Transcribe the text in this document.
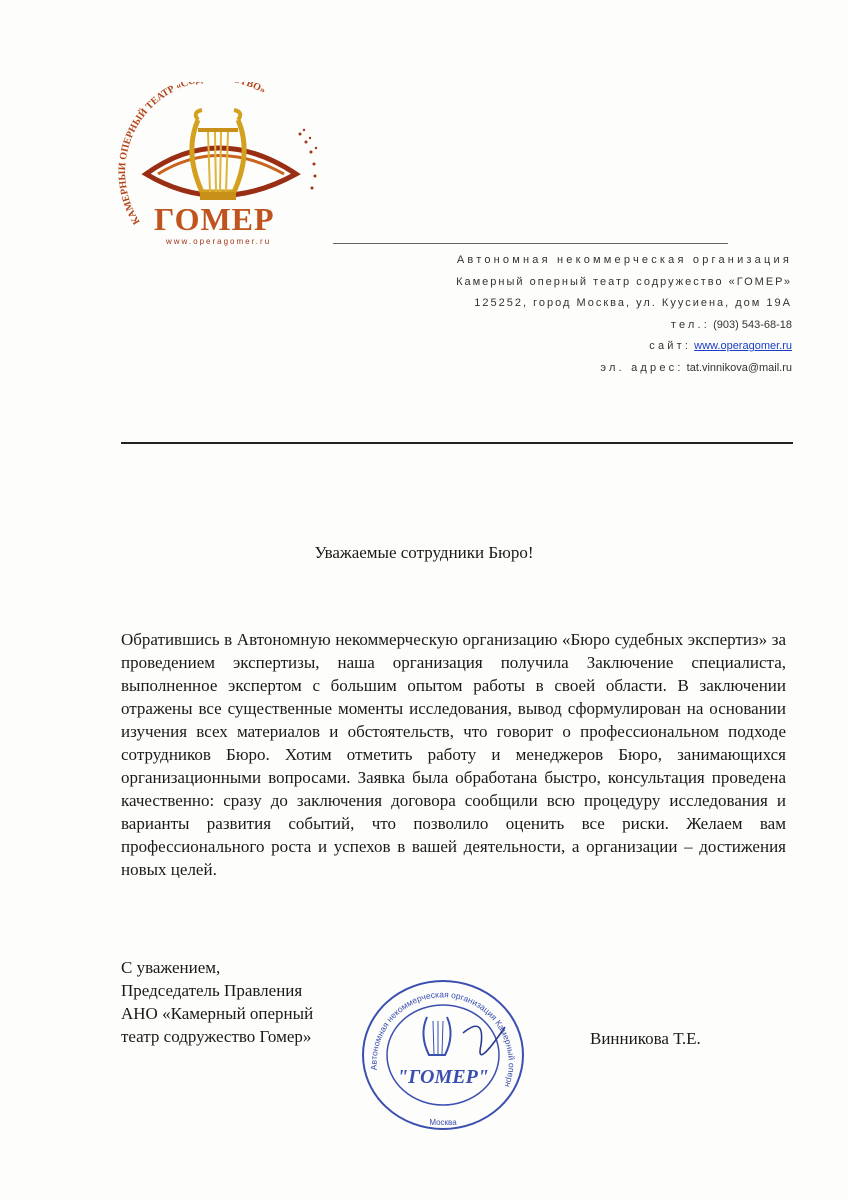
КАМЕРНЫЙ ОПЕРНЫЙ ТЕАТР «С ТВО»
ГОМЕР
www.operagomer.ru
Автономная некоммерческая организация
Камерный оперный театр содружество «ГОМЕР»
125252, город Москва, ул. Куусиена, дом 19А
тел.: (903) 543-68-18
сайт: www.operagomer.ru
эл. адрес: tat.vinnikova@mail.ru
Уважаемые сотрудники Бюро!
Обратившись в Автономную некоммерческую организацию «Бюро судебных экспертиз» за проведением экспертизы, наша организация получила Заключение специалиста, выполненное экспертом с большим опытом работы в своей области. В заключении отражены все существенные моменты исследования, вывод сформулирован на основании изучения всех материалов и обстоятельств, что говорит о профессиональном подходе сотрудников Бюро. Хотим отметить работу и менеджеров Бюро, занимающихся организационными вопросами. Заявка была обработана быстро, консультация проведена качественно: сразу до заключения договора сообщили всю процедуру исследования и варианты развития событий, что позволило оценить все риски. Желаем вам профессионального роста и успехов в вашей деятельности, а организации – достижения новых целей.
С уважением,
Председатель Правления
АНО «Камерный оперный
театр содружество Гомер»
Автономная некоммерческая организация Камерный оперн
"ГОМЕР"
Москва
Винникова Т.Е.
